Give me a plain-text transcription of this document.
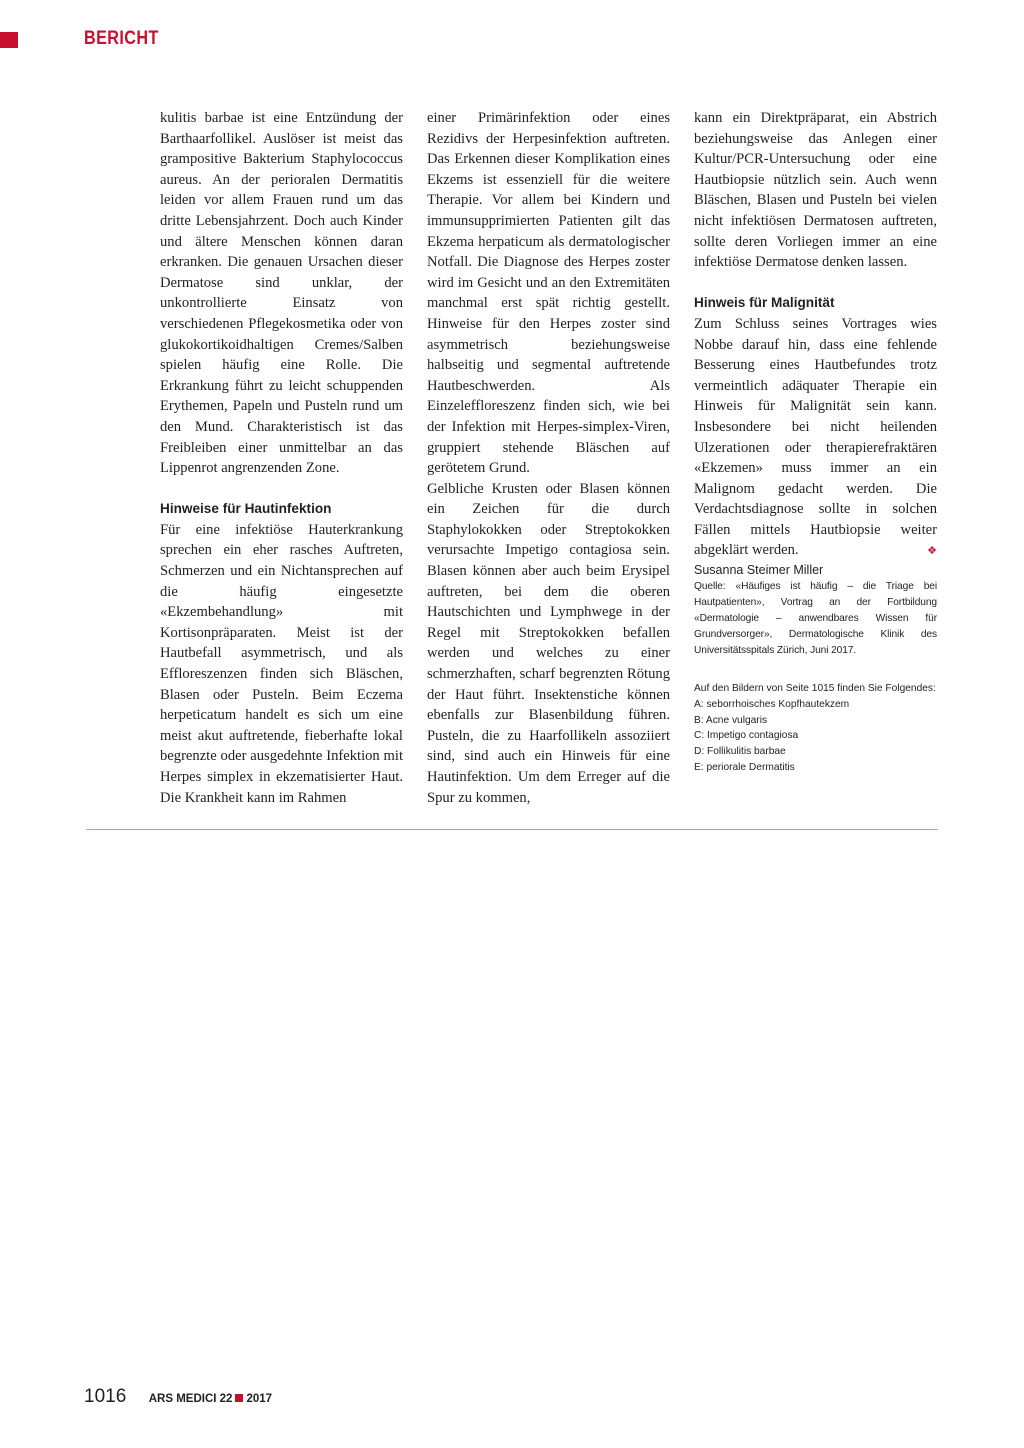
BERICHT

kulitis barbae ist eine Entzündung der Barthaarfollikel. Auslöser ist meist das grampositive Bakterium Staphylococcus aureus. An der perioralen Dermatitis leiden vor allem Frauen rund um das dritte Lebensjahrzent. Doch auch Kinder und ältere Menschen können daran erkranken. Die genauen Ursachen dieser Dermatose sind unklar, der unkontrollierte Einsatz von verschiedenen Pflegekosmetika oder von glukokortikoidhaltigen Cremes/Salben spielen häufig eine Rolle. Die Erkrankung führt zu leicht schuppenden Erythemen, Papeln und Pusteln rund um den Mund. Charakteristisch ist das Freibleiben einer unmittelbar an das Lippenrot angrenzenden Zone.

Hinweise für Hautinfektion

Für eine infektiöse Hauterkrankung sprechen ein eher rasches Auftreten, Schmerzen und ein Nichtansprechen auf die häufig eingesetzte «Ekzembehandlung» mit Kortisonpräparaten. Meist ist der Hautbefall asymmetrisch, und als Effloreszenzen finden sich Bläschen, Blasen oder Pusteln. Beim Eczema herpeticatum handelt es sich um eine meist akut auftretende, fieberhafte lokal begrenzte oder ausgedehnte Infektion mit Herpes simplex in ekzematisierter Haut. Die Krankheit kann im Rahmen

einer Primärinfektion oder eines Rezidivs der Herpesinfektion auftreten. Das Erkennen dieser Komplikation eines Ekzems ist essenziell für die weitere Therapie. Vor allem bei Kindern und immunsupprimierten Patienten gilt das Ekzema herpaticum als dermatologischer Notfall. Die Diagnose des Herpes zoster wird im Gesicht und an den Extremitäten manchmal erst spät richtig gestellt. Hinweise für den Herpes zoster sind asymmetrisch beziehungsweise halbseitig und segmental auftretende Hautbeschwerden. Als Einzeleffloreszenz finden sich, wie bei der Infektion mit Herpes-simplex-Viren, gruppiert stehende Bläschen auf gerötetem Grund.

Gelbliche Krusten oder Blasen können ein Zeichen für die durch Staphylokokken oder Streptokokken verursachte Impetigo contagiosa sein. Blasen können aber auch beim Erysipel auftreten, bei dem die oberen Hautschichten und Lymphwege in der Regel mit Streptokokken befallen werden und welches zu einer schmerzhaften, scharf begrenzten Rötung der Haut führt. Insektenstiche können ebenfalls zur Blasenbildung führen. Pusteln, die zu Haarfollikeln assoziiert sind, sind auch ein Hinweis für eine Hautinfektion. Um dem Erreger auf die Spur zu kommen,

kann ein Direktpräparat, ein Abstrich beziehungsweise das Anlegen einer Kultur/PCR-Untersuchung oder eine Hautbiopsie nützlich sein. Auch wenn Bläschen, Blasen und Pusteln bei vielen nicht infektiösen Dermatosen auftreten, sollte deren Vorliegen immer an eine infektiöse Dermatose denken lassen.

Hinweis für Malignität

Zum Schluss seines Vortrages wies Nobbe darauf hin, dass eine fehlende Besserung eines Hautbefundes trotz vermeintlich adäquater Therapie ein Hinweis für Malignität sein kann. Insbesondere bei nicht heilenden Ulzerationen oder therapierefraktären «Ekzemen» muss immer an ein Malignom gedacht werden. Die Verdachtsdiagnose sollte in solchen Fällen mittels Hautbiopsie weiter abgeklärt werden.	❖

Susanna Steimer Miller

Quelle: «Häufiges ist häufig – die Triage bei Hautpatienten», Vortrag an der Fortbildung «Dermatologie – anwendbares Wissen für Grundversorger», Dermatologische Klinik des Universitätsspitals Zürich, Juni 2017.

Auf den Bildern von Seite 1015 finden Sie Folgendes:
A: seborrhoisches Kopfhautekzem
B: Acne vulgaris
C: Impetigo contagiosa
D: Follikulitis barbae
E: periorale Dermatitis
1016 ARS MEDICI 22 2017
